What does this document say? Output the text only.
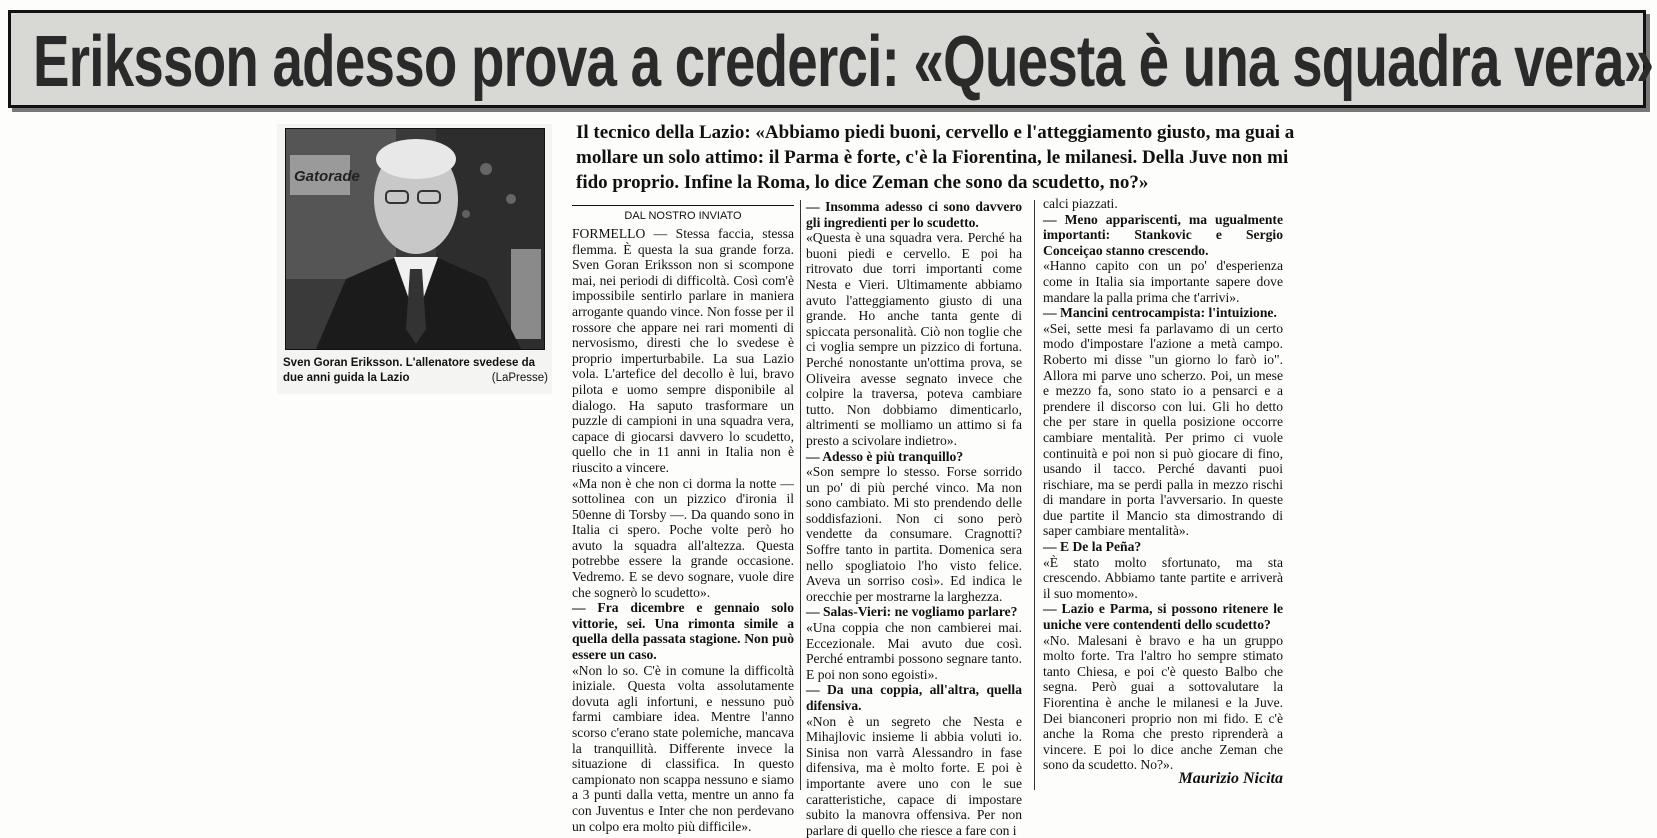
Eriksson adesso prova a crederci: «Questa è una squadra vera»
Gatorade
Sven Goran Eriksson. L'allenatore svedese da due anni guida la Lazio	(LaPresse)
Il tecnico della Lazio: «Abbiamo piedi buoni, cervello e l'atteggiamento giusto, ma guai a mollare un solo attimo: il Parma è forte, c'è la Fiorentina, le milanesi. Della Juve non mi fido proprio. Infine la Roma, lo dice Zeman che sono da scudetto, no?»
DAL NOSTRO INVIATO

FORMELLO — Stessa faccia, stessa flemma. È questa la sua grande forza. Sven Goran Eriksson non si scompone mai, nei periodi di difficoltà. Così com'è impossibile sentirlo parlare in maniera arrogante quando vince. Non fosse per il rossore che appare nei rari momenti di nervosismo, diresti che lo svedese è proprio imperturbabile. La sua Lazio vola. L'artefice del decollo è lui, bravo pilota e uomo sempre disponibile al dialogo. Ha saputo trasformare un puzzle di campioni in una squadra vera, capace di giocarsi davvero lo scudetto, quello che in 11 anni in Italia non è riuscito a vincere.

«Ma non è che non ci dorma la notte — sottolinea con un pizzico d'ironia il 50enne di Torsby —. Da quando sono in Italia ci spero. Poche volte però ho avuto la squadra all'altezza. Questa potrebbe essere la grande occasione. Vedremo. E se devo sognare, vuole dire che sognerò lo scudetto».

— Fra dicembre e gennaio solo vittorie, sei. Una rimonta simile a quella della passata stagione. Non può essere un caso.

«Non lo so. C'è in comune la difficoltà iniziale. Questa volta assolutamente dovuta agli infortuni, e nessuno può farmi cambiare idea. Mentre l'anno scorso c'erano state polemiche, mancava la tranquillità. Differente invece la situazione di classifica. In questo campionato non scappa nessuno e siamo a 3 punti dalla vetta, mentre un anno fa con Juventus e Inter che non perdevano un colpo era molto più difficile».

— Insomma adesso ci sono davvero gli ingredienti per lo scudetto.

«Questa è una squadra vera. Perché ha buoni piedi e cervello. E poi ha ritrovato due torri importanti come Nesta e Vieri. Ultimamente abbiamo avuto l'atteggiamento giusto di una grande. Ho anche tanta gente di spiccata personalità. Ciò non toglie che ci voglia sempre un pizzico di fortuna. Perché nonostante un'ottima prova, se Oliveira avesse segnato invece che colpire la traversa, poteva cambiare tutto. Non dobbiamo dimenticarlo, altrimenti se molliamo un attimo si fa presto a scivolare indietro».

— Adesso è più tranquillo?

«Son sempre lo stesso. Forse sorrido un po' di più perché vinco. Ma non sono cambiato. Mi sto prendendo delle soddisfazioni. Non ci sono però vendette da consumare. Cragnotti? Soffre tanto in partita. Domenica sera nello spogliatoio l'ho visto felice. Aveva un sorriso così». Ed indica le orecchie per mostrarne la larghezza.

— Salas-Vieri: ne vogliamo parlare?

«Una coppia che non cambierei mai. Eccezionale. Mai avuto due così. Perché entrambi possono segnare tanto. E poi non sono egoisti».

— Da una coppia, all'altra, quella difensiva.

«Non è un segreto che Nesta e Mihajlovic insieme li abbia voluti io. Sinisa non varrà Alessandro in fase difensiva, ma è molto forte. E poi è importante avere uno con le sue caratteristiche, capace di impostare subito la manovra offensiva. Per non parlare di quello che riesce a fare con i

calci piazzati.

— Meno appariscenti, ma ugualmente importanti: Stankovic e Sergio Conceiçao stanno crescendo.

«Hanno capito con un po' d'esperienza come in Italia sia importante sapere dove mandare la palla prima che t'arrivi».

— Mancini centrocampista: l'intuizione.

«Sei, sette mesi fa parlavamo di un certo modo d'impostare l'azione a metà campo. Roberto mi disse "un giorno lo farò io". Allora mi parve uno scherzo. Poi, un mese e mezzo fa, sono stato io a pensarci e a prendere il discorso con lui. Gli ho detto che per stare in quella posizione occorre cambiare mentalità. Per primo ci vuole continuità e poi non si può giocare di fino, usando il tacco. Perché davanti puoi rischiare, ma se perdi palla in mezzo rischi di mandare in porta l'avversario. In queste due partite il Mancio sta dimostrando di saper cambiare mentalità».

— E De la Peña?

«È stato molto sfortunato, ma sta crescendo. Abbiamo tante partite e arriverà il suo momento».

— Lazio e Parma, si possono ritenere le uniche vere contendenti dello scudetto?

«No. Malesani è bravo e ha un gruppo molto forte. Tra l'altro ho sempre stimato tanto Chiesa, e poi c'è questo Balbo che segna. Però guai a sottovalutare la Fiorentina è anche le milanesi e la Juve. Dei bianconeri proprio non mi fido. E c'è anche la Roma che presto riprenderà a vincere. E poi lo dice anche Zeman che sono da scudetto. No?».

Maurizio Nicita
